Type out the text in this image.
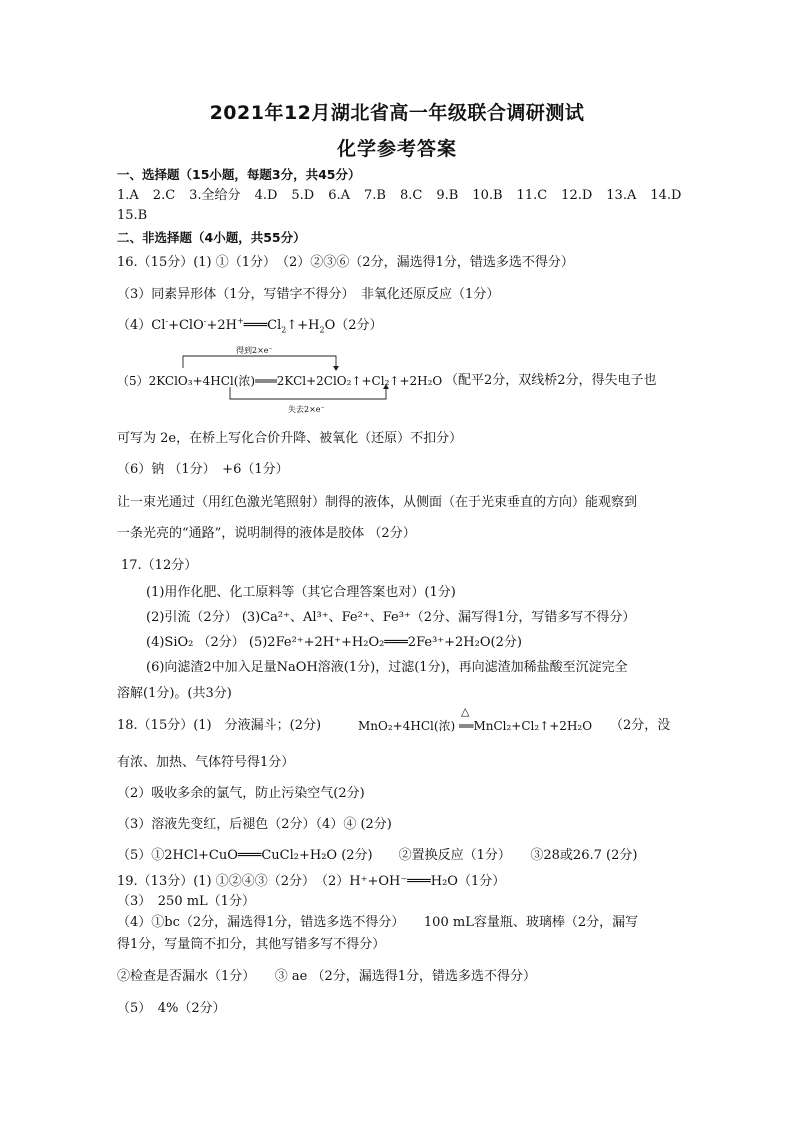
2021年12月湖北省高一年级联合调研测试
化学参考答案
一、选择题（15小题，每题3分，共45分）
1.A 2.C 3.全给分 4.D 5.D 6.A 7.B 8.C 9.B 10.B 11.C 12.D 13.A 14.D
15.B
二、非选择题（4小题，共55分）
16.（15分）(1) ①（1分）　（2）②③⑥（2分，漏选得1分，错选多选不得分）
（3）同素异形体（1分，写错字不得分）　非氧化还原反应（1分）
$(4)Cl^-+ClO^-+2H^+═══Cl_2↑+H_2O(2$分）
得到2×e⁻
失去2×e⁻
（5）2KClO₃+4HCl(浓)═══2KCl+2ClO₂↑+Cl₂↑+2H₂O （配平2分，双线桥2分，得失电子也
可写为 2e，在桥上写化合价升降、被氧化（还原）不扣分）
（6）钠 （1分）　+6（1分）
让一束光通过（用红色激光笔照射）制得的液体，从侧面（在于光束垂直的方向）能观察到
一条光亮的“通路”，说明制得的液体是胶体 （2分）
17.（12分）
(1)用作化肥、化工原料等（其它合理答案也对）(1分)
(2)引流（2分） (3)Ca²⁺、Al³⁺、Fe²⁺、Fe³⁺（2分、漏写得1分，写错多写不得分）
(4)SiO₂ （2分） (5)2Fe²⁺+2H⁺+H₂O₂═══2Fe³⁺+2H₂O(2分)
(6)向滤渣2中加入足量NaOH溶液(1分)，过滤(1分)，再向滤渣加稀盐酸至沉淀完全
溶解(1分)。(共3分)
18.（15分）(1)　分液漏斗；(2分)	MnO₂+4HCl(浓) ══MnCl₂+Cl₂↑+2H₂O
△
（2分，没
有浓、加热、气体符号得1分）
（2）吸收多余的氯气，防止污染空气(2分)
（3）溶液先变红，后褪色（2分）（4）④ (2分)
（5）①2HCl+CuO═══CuCl₂+H₂O (2分)　　②置换反应（1分）　　③28或26.7 (2分)
19.（13分）(1) ①②④③（2分）　（2）H⁺+OH⁻═══H₂O（1分）
（3）　250 mL（1分）
（4）①bc（2分，漏选得1分，错选多选不得分）　　100 mL容量瓶、玻璃棒（2分，漏写
得1分，写量筒不扣分，其他写错多写不得分）
②检查是否漏水（1分）　　③ ae （2分，漏选得1分，错选多选不得分）
（5）　4%（2分）
